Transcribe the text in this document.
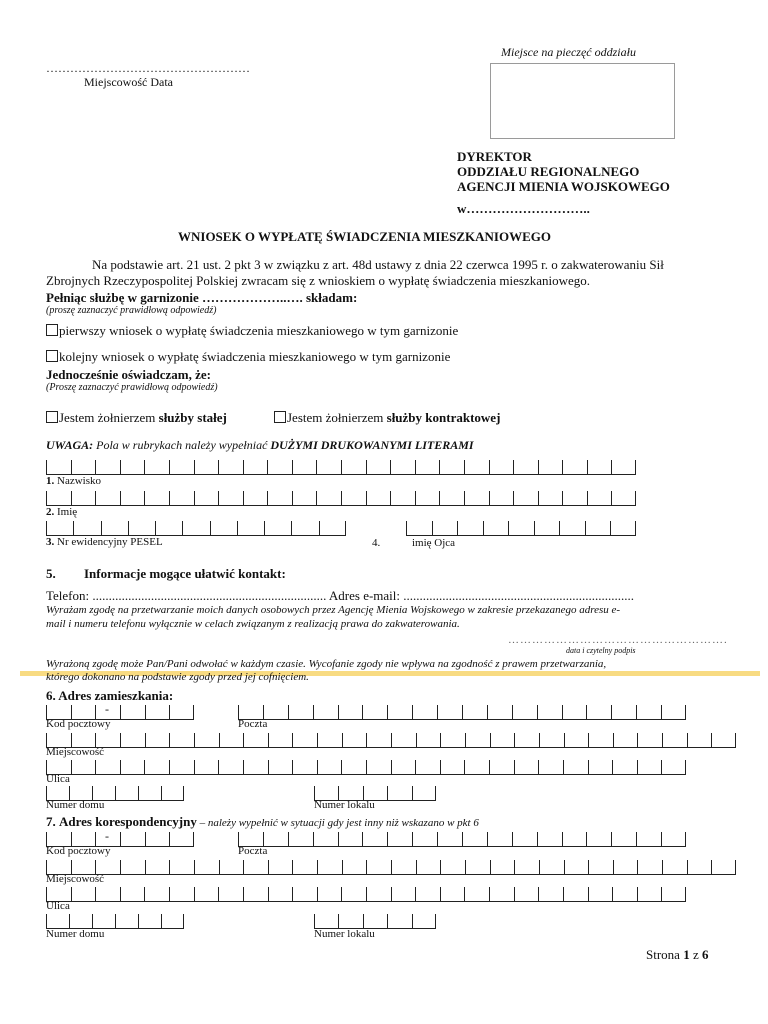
……………………………………………
Miejscowość Data
Miejsce na pieczęć oddziału
DYREKTOR
ODDZIAŁU REGIONALNEGO
AGENCJI MIENIA WOJSKOWEGO
w………………………..
WNIOSEK O WYPŁATĘ ŚWIADCZENIA MIESZKANIOWEGO
Na podstawie art. 21 ust. 2 pkt 3 w związku z art. 48d ustawy z dnia 22 czerwca 1995 r. o zakwaterowaniu Sił
Zbrojnych Rzeczypospolitej Polskiej zwracam się z wnioskiem o wypłatę świadczenia mieszkaniowego.
Pełniąc służbę w garnizonie ………………..…. składam:
(proszę zaznaczyć prawidłową odpowiedź)
pierwszy wniosek o wypłatę świadczenia mieszkaniowego w tym garnizonie
kolejny wniosek o wypłatę świadczenia mieszkaniowego w tym garnizonie
Jednocześnie oświadczam, że:
(Proszę zaznaczyć prawidłową odpowiedź)
Jestem żołnierzem służby stałej	Jestem żołnierzem służby kontraktowej
UWAGA: Pola w rubrykach należy wypełniać DUŻYMI DRUKOWANYMI LITERAMI
1. Nazwisko
2. Imię
3. Nr ewidencyjny PESEL	4.	imię Ojca
5. Informacje mogące ułatwić kontakt:
Telefon: ........................................................................ Adres e-mail: .......................................................................
Wyrażam zgodę na przetwarzanie moich danych osobowych przez Agencję Mienia Wojskowego w zakresie przekazanego adresu e-
mail i numeru telefonu wyłącznie w celach związanym z realizacją prawa do zakwaterowania.
……………………………………………….
data i czytelny podpis
Wyrażoną zgodę może Pan/Pani odwołać w każdym czasie. Wycofanie zgody nie wpływa na zgodność z prawem przetwarzania,
którego dokonano na podstawie zgody przed jej cofnięciem.
6. Adres zamieszkania:
-
Kod pocztowy	Poczta
Miejscowość
Ulica
Numer domu	Numer lokalu
7. Adres korespondencyjny – należy wypełnić w sytuacji gdy jest inny niż wskazano w pkt 6
-
Kod pocztowy	Poczta
Miejscowość
Ulica
Numer domu	Numer lokalu
Strona 1 z 6
